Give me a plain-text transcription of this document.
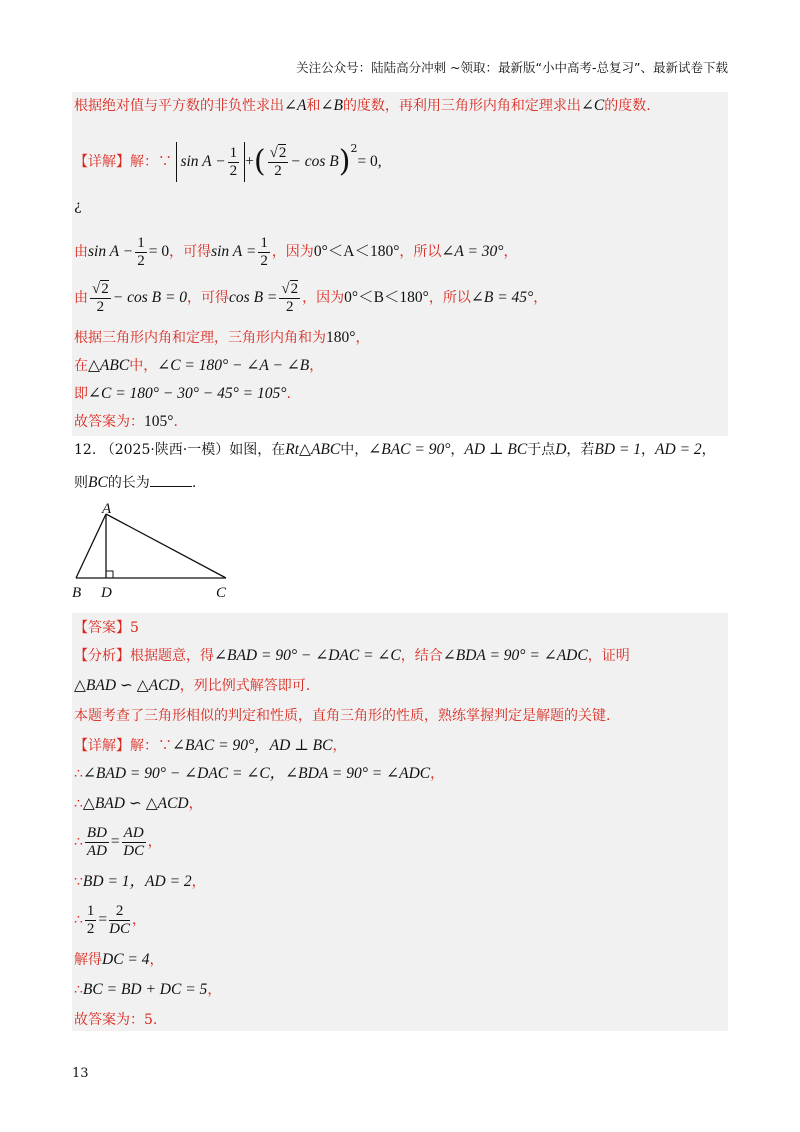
关注公众号：陆陆高分冲刺 ~领取：最新版“小中高考-总复习”、最新试卷下载
根据绝对值与平方数的非负性求出∠A和∠B的度数，再利用三角形内角和定理求出∠C的度数.
【详解】解：∵ $\sin A - \frac{1}{2}$ +( $\frac{√2}{2} - \cos B)^2= 0$,
¿
由$\sin A - \frac{1}{2} = 0$，可得$\sin A = \frac{1}{2}$ ，因为0°＜A＜180°，所以∠A = 30°，
由 $\frac{√2}{2} - \cos B = 0$，可得$\cos B = \frac{√2}{2}$ ，因为0°＜B＜180°，所以∠B = 45°，
根据三角形内角和定理，三角形内角和为180°，
在△ABC中，∠C = 180° − ∠A − ∠B，
即∠C = 180° − 30° − 45° = 105°.
故答案为：105°.
12. （2025·陕西·一模）如图，在Rt△ABC中，∠BAC = 90°，AD ⊥ BC于点D，若BD = 1，AD = 2，
则BC的长为	.
A
B D	C
【答案】5
【分析】根据题意，得∠BAD = 90° − ∠DAC = ∠C，结合∠BDA = 90° = ∠ADC，证明
△BAD ∽ △ACD，列比例式解答即可.
本题考查了三角形相似的判定和性质，直角三角形的性质，熟练掌握判定是解题的关键.
【详解】解：∵∠BAC = 90°，AD ⊥ BC，
∴∠BAD = 90° − ∠DAC = ∠C，∠BDA = 90° = ∠ADC，
∴△BAD ∽ △ACD，
∴ $\frac{BD}{AD} = \frac{AD}{DC}$ ，
∵BD = 1，AD = 2，
∴ $\frac{1}{2} = \frac{2}{DC}$ ，
解得DC = 4，
∴BC = BD + DC = 5，
故答案为：5.
13
